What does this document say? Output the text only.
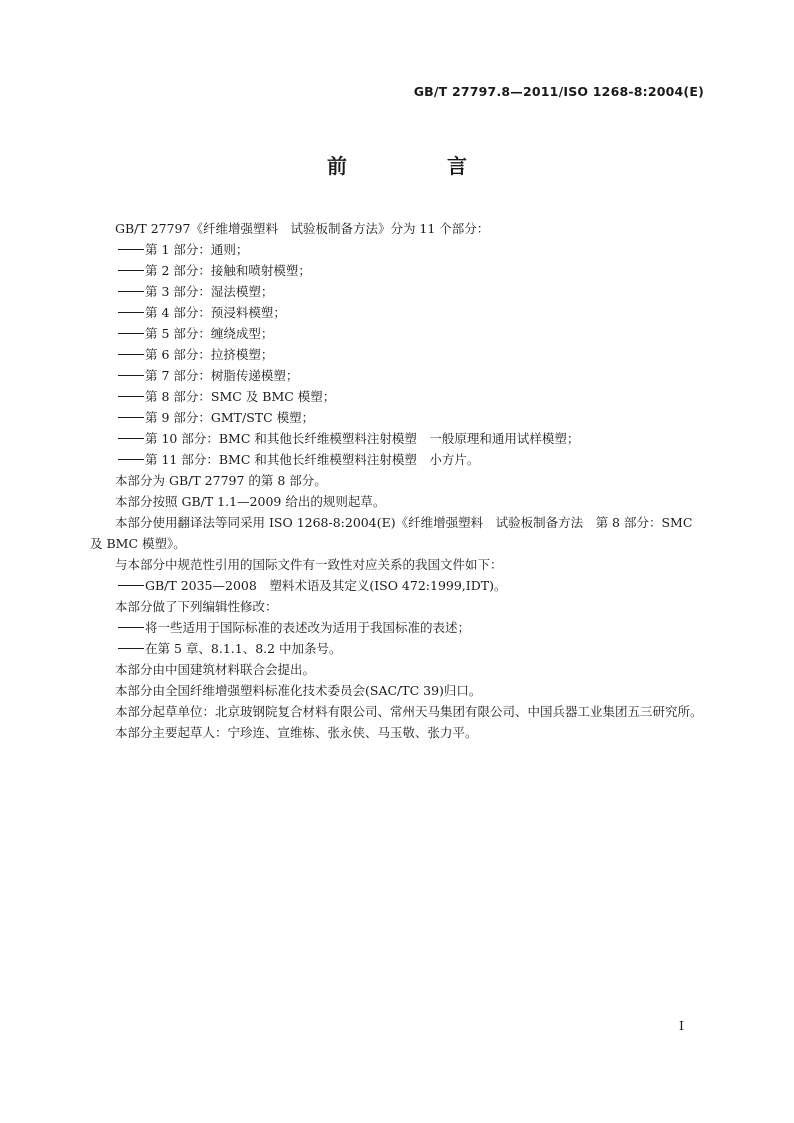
GB/T 27797.8—2011/ISO 1268-8:2004(E)
前　言

GB/T 27797《纤维增强塑料　试验板制备方法》分为 11 个部分：

第 1 部分：通则；

第 2 部分：接触和喷射模塑；

第 3 部分：湿法模塑；

第 4 部分：预浸料模塑；

第 5 部分：缠绕成型；

第 6 部分：拉挤模塑；

第 7 部分：树脂传递模塑；

第 8 部分：SMC 及 BMC 模塑；

第 9 部分：GMT/STC 模塑；

第 10 部分：BMC 和其他长纤维模塑料注射模塑　一般原理和通用试样模塑；

第 11 部分：BMC 和其他长纤维模塑料注射模塑　小方片。

本部分为 GB/T 27797 的第 8 部分。

本部分按照 GB/T 1.1—2009 给出的规则起草。

本部分使用翻译法等同采用 ISO 1268-8:2004(E)《纤维增强塑料　试验板制备方法　第 8 部分：SMC 及 BMC 模塑》。

与本部分中规范性引用的国际文件有一致性对应关系的我国文件如下：

GB/T 2035—2008　塑料术语及其定义(ISO 472:1999,IDT)。

本部分做了下列编辑性修改：

将一些适用于国际标准的表述改为适用于我国标准的表述；

在第 5 章、8.1.1、8.2 中加条号。

本部分由中国建筑材料联合会提出。

本部分由全国纤维增强塑料标准化技术委员会(SAC/TC 39)归口。

本部分起草单位：北京玻钢院复合材料有限公司、常州天马集团有限公司、中国兵器工业集团五三研究所。

本部分主要起草人：宁珍连、宣维栋、张永侠、马玉敬、张力平。

I
